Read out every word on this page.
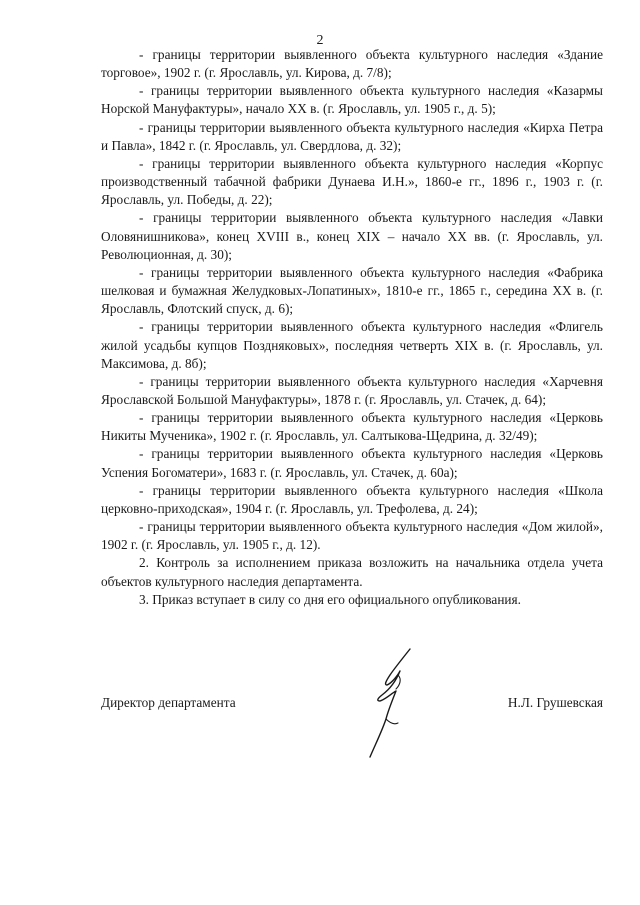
2

- границы территории выявленного объекта культурного наследия «Здание торговое», 1902 г. (г. Ярославль, ул. Кирова, д. 7/8);

- границы территории выявленного объекта культурного наследия «Казармы Норской Мануфактуры», начало XX в. (г. Ярославль, ул. 1905 г., д. 5);

- границы территории выявленного объекта культурного наследия «Кирха Петра и Павла», 1842 г. (г. Ярославль, ул. Свердлова, д. 32);

- границы территории выявленного объекта культурного наследия «Корпус производственный табачной фабрики Дунаева И.Н.», 1860-е гг., 1896 г., 1903 г. (г. Ярославль, ул. Победы, д. 22);

- границы территории выявленного объекта культурного наследия «Лавки Оловянишникова», конец XVIII в., конец XIX – начало XX вв. (г. Ярославль, ул. Революционная, д. 30);

- границы территории выявленного объекта культурного наследия «Фабрика шелковая и бумажная Желудковых-Лопатиных», 1810-е гг., 1865 г., середина XX в. (г. Ярославль, Флотский спуск, д. 6);

- границы территории выявленного объекта культурного наследия «Флигель жилой усадьбы купцов Поздняковых», последняя четверть XIX в. (г. Ярославль, ул. Максимова, д. 8б);

- границы территории выявленного объекта культурного наследия «Харчевня Ярославской Большой Мануфактуры», 1878 г. (г. Ярославль, ул. Стачек, д. 64);

- границы территории выявленного объекта культурного наследия «Церковь Никиты Мученика», 1902 г. (г. Ярославль, ул. Салтыкова-Щедрина, д. 32/49);

- границы территории выявленного объекта культурного наследия «Церковь Успения Богоматери», 1683 г. (г. Ярославль, ул. Стачек, д. 60а);

- границы территории выявленного объекта культурного наследия «Школа церковно-приходская», 1904 г. (г. Ярославль, ул. Трефолева, д. 24);

- границы территории выявленного объекта культурного наследия «Дом жилой», 1902 г. (г. Ярославль, ул. 1905 г., д. 12).

2. Контроль за исполнением приказа возложить на начальника отдела учета объектов культурного наследия департамента.

3. Приказ вступает в силу со дня его официального опубликования.

Директор департамента	Н.Л. Грушевская
